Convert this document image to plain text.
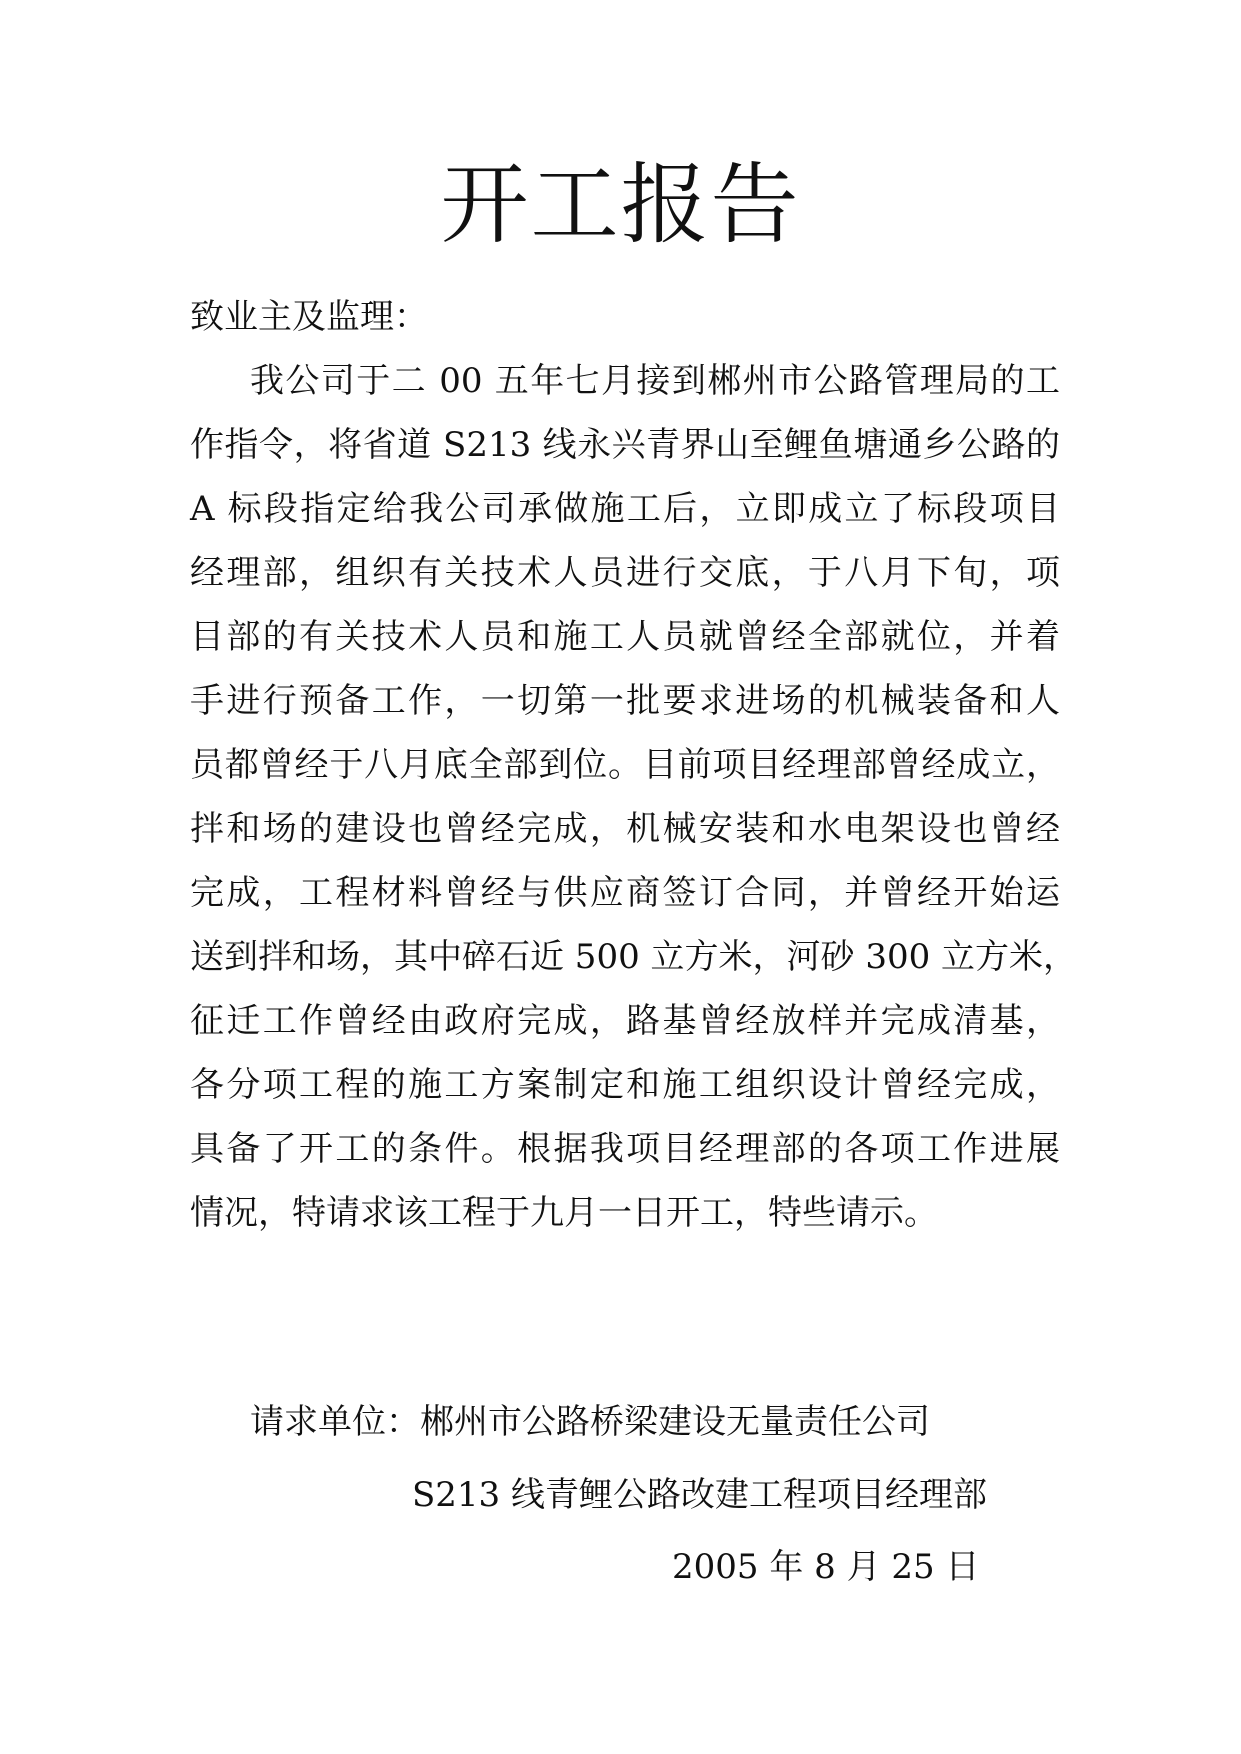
开工报告

致业主及监理：

我公司于二 00 五年七月接到郴州市公路管理局的工

作指令，将省道 S213 线永兴青界山至鲤鱼塘通乡公路的

A 标段指定给我公司承做施工后，立即成立了标段项目

经理部，组织有关技术人员进行交底，于八月下旬，项

目部的有关技术人员和施工人员就曾经全部就位，并着

手进行预备工作，一切第一批要求进场的机械装备和人

员都曾经于八月底全部到位。目前项目经理部曾经成立，

拌和场的建设也曾经完成，机械安装和水电架设也曾经

完成，工程材料曾经与供应商签订合同，并曾经开始运

送到拌和场，其中碎石近 500 立方米，河砂 300 立方米，

征迁工作曾经由政府完成，路基曾经放样并完成清基，

各分项工程的施工方案制定和施工组织设计曾经完成，

具备了开工的条件。根据我项目经理部的各项工作进展

情况，特请求该工程于九月一日开工，特些请示。

请求单位：郴州市公路桥梁建设无量责任公司
S213 线青鲤公路改建工程项目经理部
2005 年 8 月 25 日
